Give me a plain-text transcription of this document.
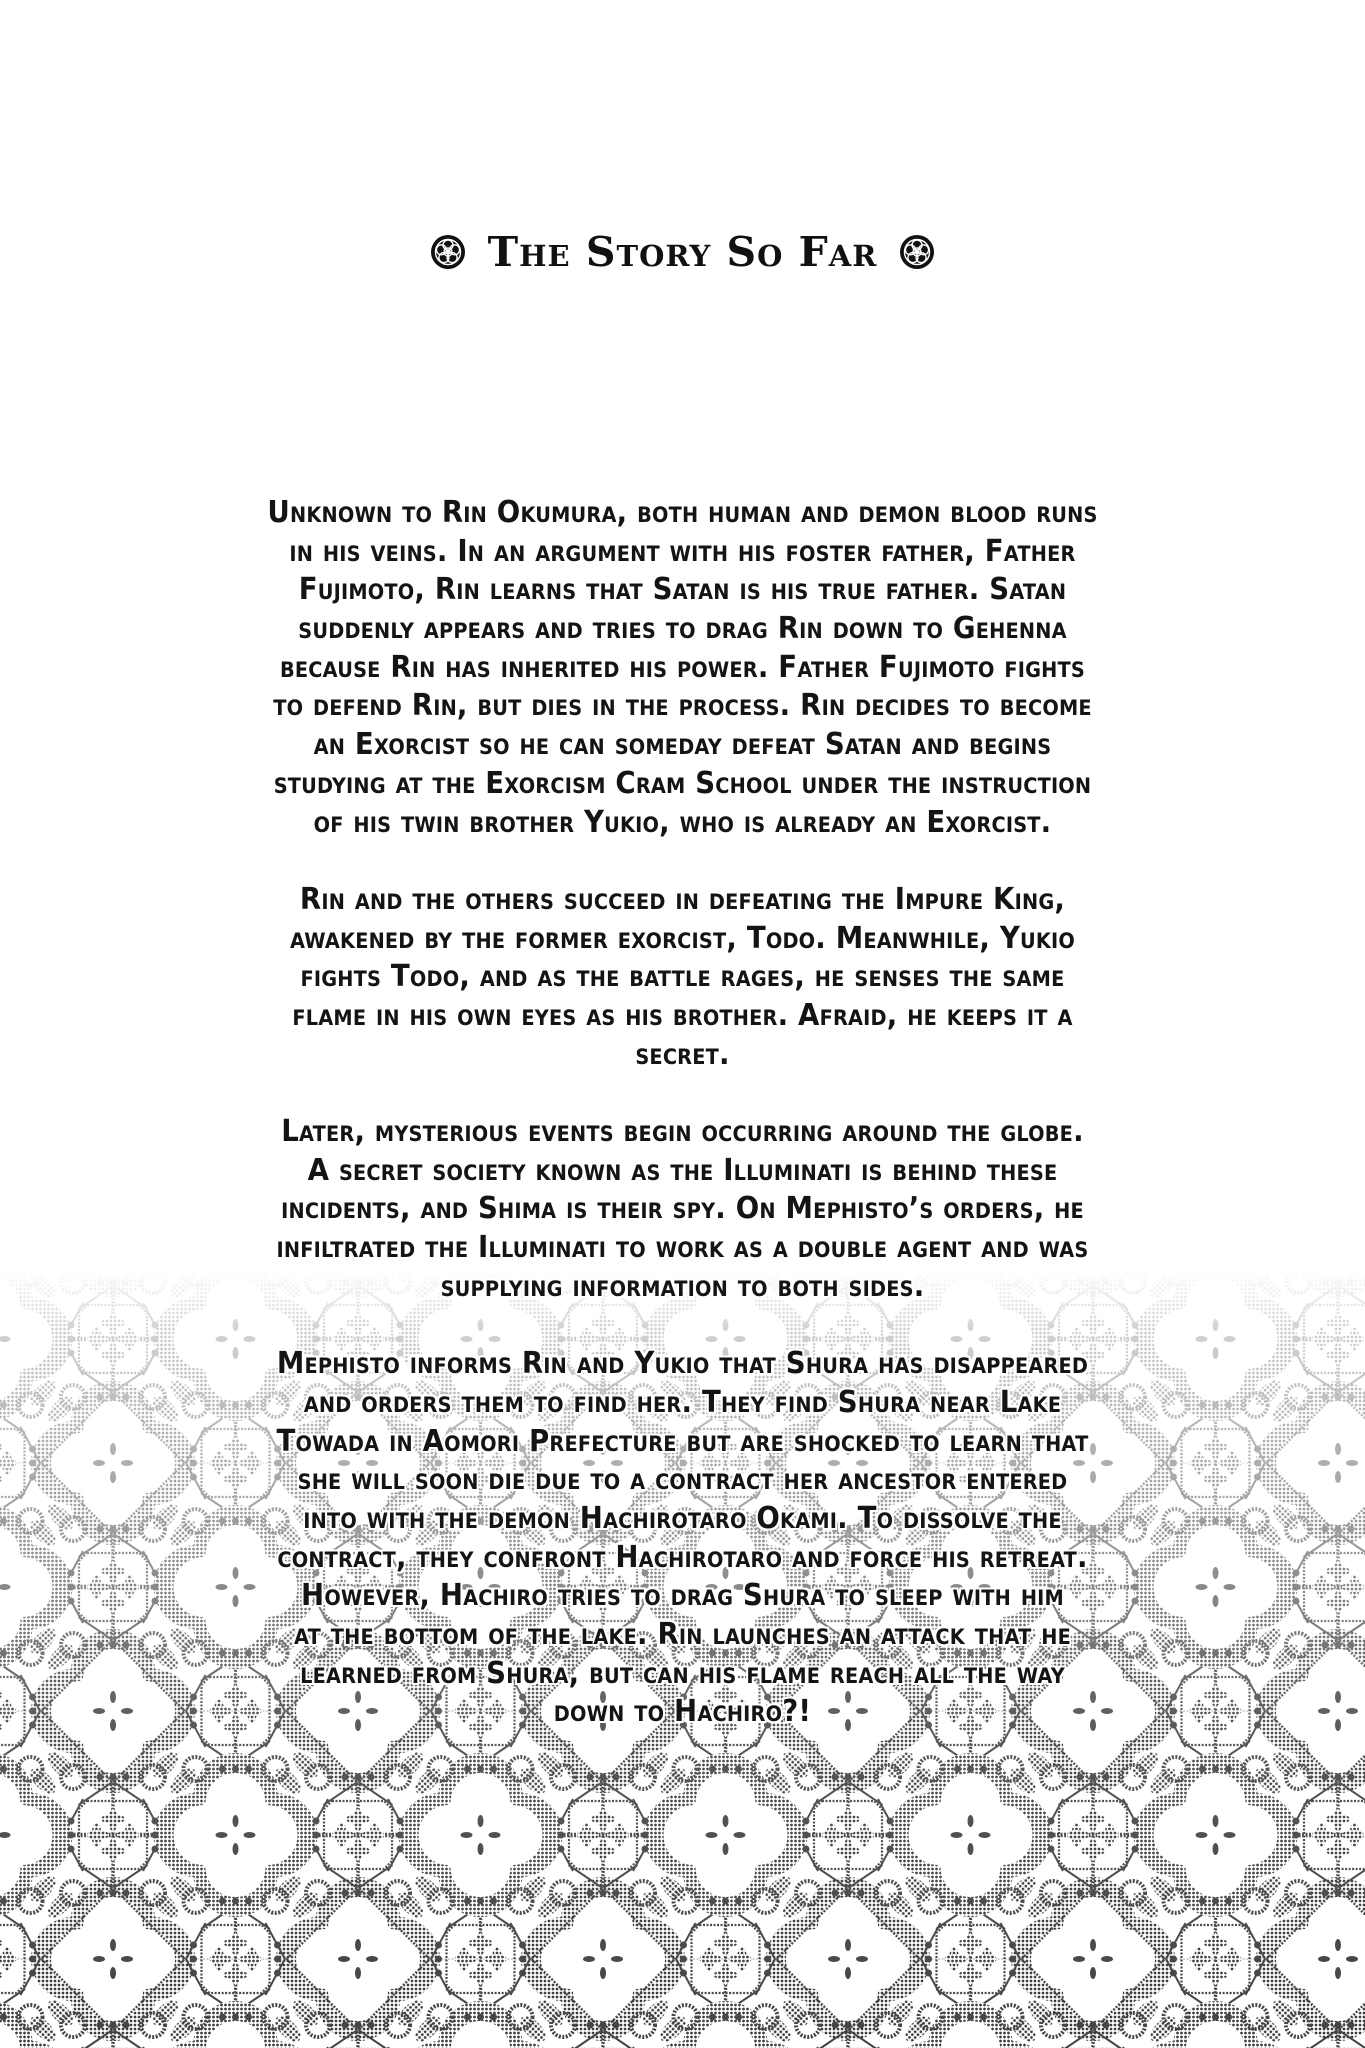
The Story So Far
Unknown to Rin Okumura, both human and demon blood runs
in his veins. In an argument with his foster father, Father
Fujimoto, Rin learns that Satan is his true father. Satan
suddenly appears and tries to drag Rin down to Gehenna
because Rin has inherited his power. Father Fujimoto fights
to defend Rin, but dies in the process. Rin decides to become
an Exorcist so he can someday defeat Satan and begins
studying at the Exorcism Cram School under the instruction
of his twin brother Yukio, who is already an Exorcist.
Rin and the others succeed in defeating the Impure King,
awakened by the former exorcist, Todo. Meanwhile, Yukio
fights Todo, and as the battle rages, he senses the same
flame in his own eyes as his brother. Afraid, he keeps it a
secret.
Later, mysterious events begin occurring around the globe.
A secret society known as the Illuminati is behind these
incidents, and Shima is their spy. On Mephisto’s orders, he
infiltrated the Illuminati to work as a double agent and was
supplying information to both sides.
Mephisto informs Rin and Yukio that Shura has disappeared
and orders them to find her. They find Shura near Lake
Towada in Aomori Prefecture but are shocked to learn that
she will soon die due to a contract her ancestor entered
into with the demon Hachirotaro Okami. To dissolve the
contract, they confront Hachirotaro and force his retreat.
However, Hachiro tries to drag Shura to sleep with him
at the bottom of the lake. Rin launches an attack that he
learned from Shura, but can his flame reach all the way
down to Hachiro?!
